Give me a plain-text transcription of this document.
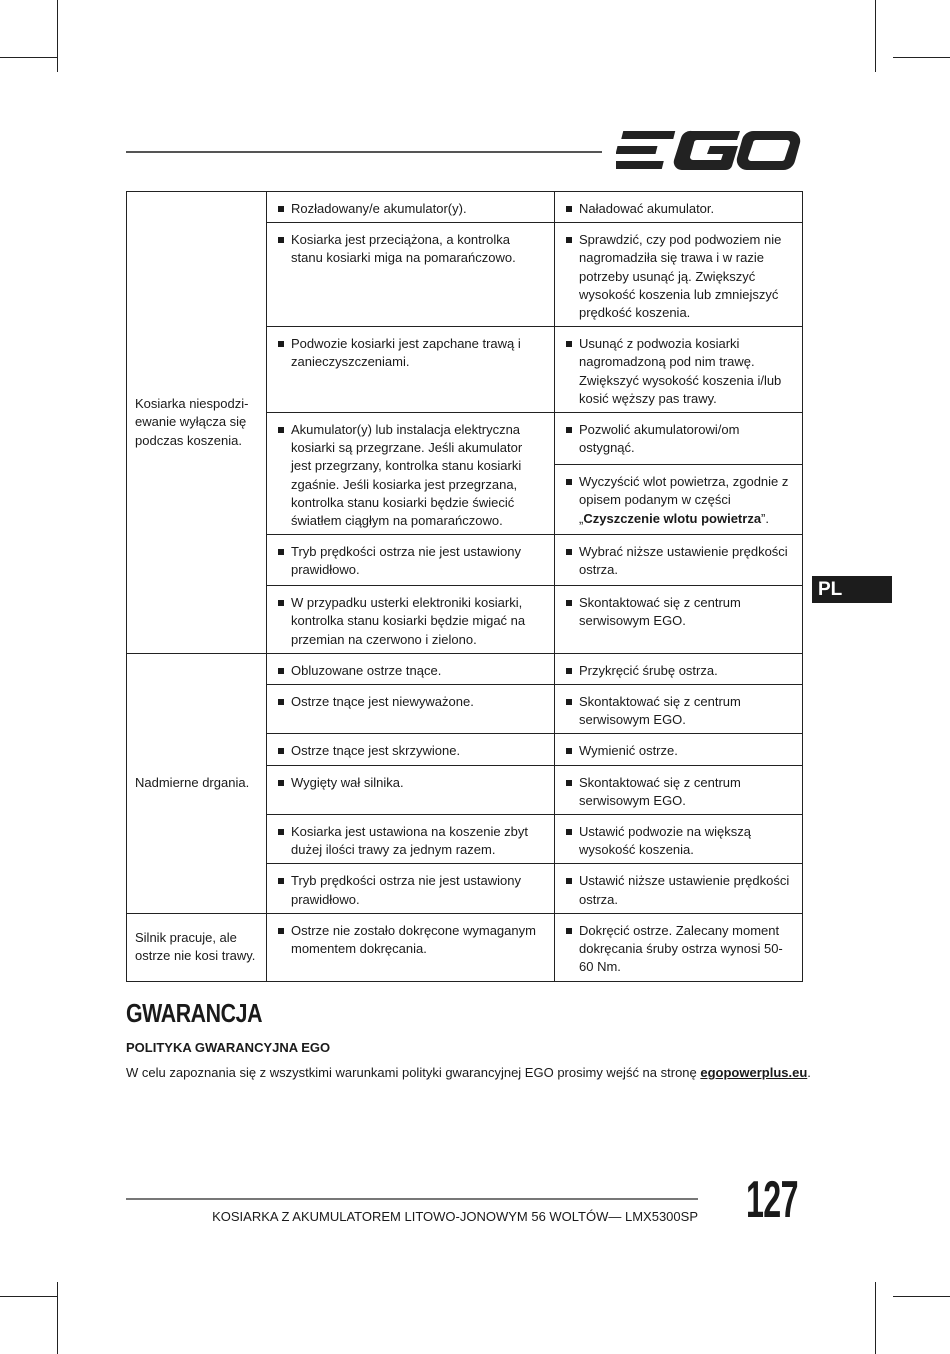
PL
Kosiarka niespodzi-
ewanie wyłącza się
podczas koszenia.	Rozładowany/e akumulator(y).	Naładować akumulator.
	Kosiarka jest przeciążona, a kontrolka stanu kosiarki miga na pomarańczowo.	Sprawdzić, czy pod podwoziem nie nagromadziła się trawa i w razie potrzeby usunąć ją. Zwiększyć wysokość koszenia lub zmniejszyć prędkość koszenia.
	Podwozie kosiarki jest zapchane trawą i zanieczyszczeniami.	Usunąć z podwozia kosiarki nagromadzoną pod nim trawę. Zwiększyć wysokość koszenia i/lub kosić węższy pas trawy.
	Akumulator(y) lub instalacja elektryczna kosiarki są przegrzane. Jeśli akumulator jest przegrzany, kontrolka stanu kosiarki zgaśnie. Jeśli kosiarka jest przegrzana, kontrolka stanu kosiarki będzie świecić światłem ciągłym na pomarańczowo.	Pozwolić akumulatorowi/om ostygnąć.
		Wyczyścić wlot powietrza, zgodnie z opisem podanym w części „Czyszczenie wlotu powietrza”.
	Tryb prędkości ostrza nie jest ustawiony prawidłowo.	Wybrać niższe ustawienie prędkości ostrza.
	W przypadku usterki elektroniki kosiarki, kontrolka stanu kosiarki będzie migać na przemian na czerwono i zielono.	Skontaktować się z centrum serwisowym EGO.

Nadmierne drgania.	Obluzowane ostrze tnące.	Przykręcić śrubę ostrza.
	Ostrze tnące jest niewyważone.	Skontaktować się z centrum serwisowym EGO.
	Ostrze tnące jest skrzywione.	Wymienić ostrze.
	Wygięty wał silnika.	Skontaktować się z centrum serwisowym EGO.
	Kosiarka jest ustawiona na koszenie zbyt dużej ilości trawy za jednym razem.	Ustawić podwozie na większą wysokość koszenia.
	Tryb prędkości ostrza nie jest ustawiony prawidłowo.	Ustawić niższe ustawienie prędkości ostrza.

Silnik pracuje, ale
ostrze nie kosi trawy.	Ostrze nie zostało dokręcone wymaganym momentem dokręcania.	Dokręcić ostrze. Zalecany moment dokręcania śruby ostrza wynosi 50-60 Nm.
GWARANCJA
POLITYKA GWARANCYJNA EGO

W celu zapoznania się z wszystkimi warunkami polityki gwarancyjnej EGO prosimy wejść na stronę egopowerplus.eu.

KOSIARKA Z AKUMULATOREM LITOWO-JONOWYM 56 WOLTÓW— LMX5300SP 127
